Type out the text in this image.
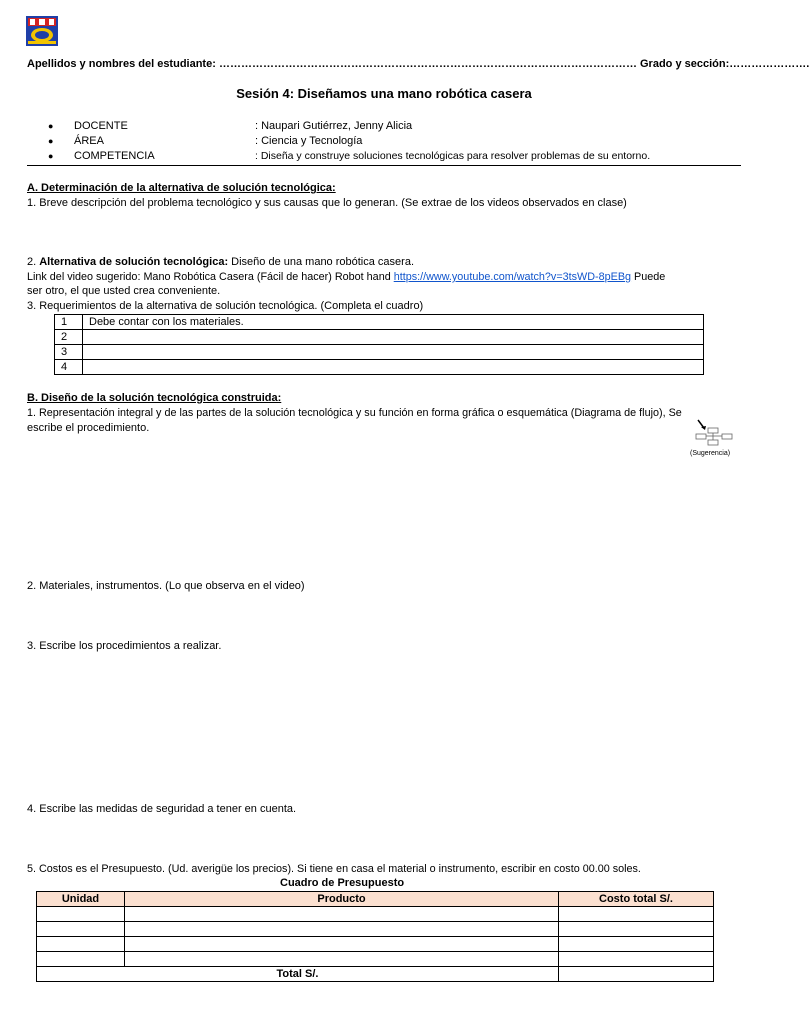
Apellidos y nombres del estudiante: …………………………………………………………………………………………………… Grado y sección:………………….
Sesión 4: Diseñamos una mano robótica casera
● DOCENTE	: Naupari Gutiérrez, Jenny Alicia
● ÁREA	: Ciencia y Tecnología
● COMPETENCIA	: Diseña y construye soluciones tecnológicas para resolver problemas de su entorno.
A. Determinación de la alternativa de solución tecnológica:
1. Breve descripción del problema tecnológico y sus causas que lo generan. (Se extrae de los videos observados en clase)
2. Alternativa de solución tecnológica: Diseño de una mano robótica casera.
Link del video sugerido: Mano Robótica Casera (Fácil de hacer) Robot hand https://www.youtube.com/watch?v=3tsWD-8pEBg Puede
ser otro, el que usted crea conveniente.
3. Requerimientos de la alternativa de solución tecnológica. (Completa el cuadro)
1	Debe contar con los materiales.
2	
3	
4	
B. Diseño de la solución tecnológica construida:
1. Representación integral y de las partes de la solución tecnológica y su función en forma gráfica o esquemática (Diagrama de flujo), Se
escribe el procedimiento.
(Sugerencia)
2. Materiales, instrumentos. (Lo que observa en el video)
3. Escribe los procedimientos a realizar.
4. Escribe las medidas de seguridad a tener en cuenta.
5. Costos es el Presupuesto. (Ud. averigüe los precios). Si tiene en casa el material o instrumento, escribir en costo 00.00 soles.
Cuadro de Presupuesto
Unidad	Producto	Costo total S/.

Total S/.		
